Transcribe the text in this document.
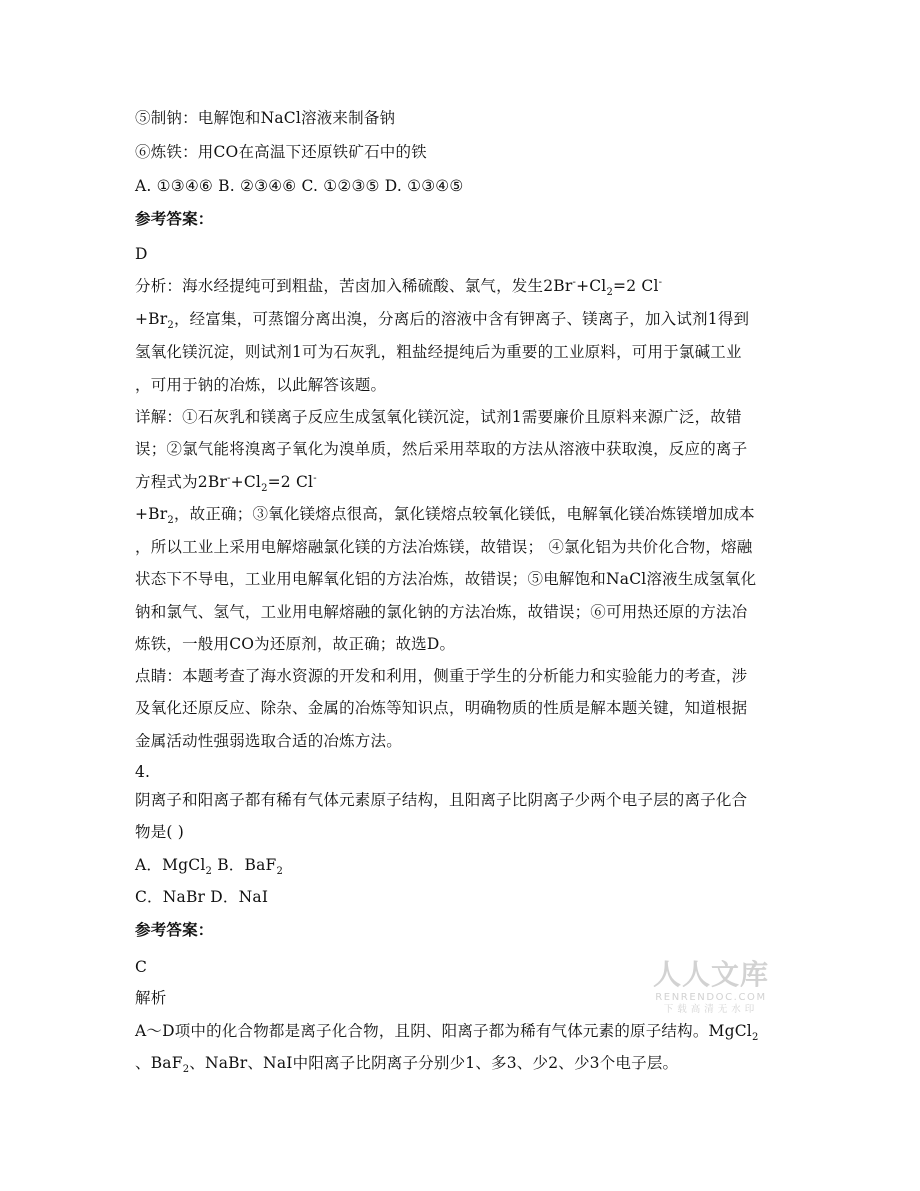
⑤制钠：电解饱和NaCl溶液来制备钠
⑥炼铁：用CO在高温下还原铁矿石中的铁
A. ①③④⑥ B. ②③④⑥ C. ①②③⑤ D. ①③④⑤
参考答案：
D
分析：海水经提纯可到粗盐，苦卤加入稀硫酸、氯气，发生$2Br^-+Cl_2=2$ Cl-
$+Br_2$，经富集，可蒸馏分离出溴，分离后的溶液中含有钾离子、镁离子，加入试剂1得到
氢氧化镁沉淀，则试剂1可为石灰乳，粗盐经提纯后为重要的工业原料，可用于氯碱工业
，可用于钠的冶炼，以此解答该题。
详解：①石灰乳和镁离子反应生成氢氧化镁沉淀，试剂1需要廉价且原料来源广泛，故错
误；②氯气能将溴离子氧化为溴单质，然后采用萃取的方法从溶液中获取溴，反应的离子
方程式为$2Br^-+Cl_2=2$ Cl-
$+Br_2$，故正确；③氧化镁熔点很高，氯化镁熔点较氧化镁低，电解氧化镁冶炼镁增加成本
，所以工业上采用电解熔融氯化镁的方法冶炼镁，故错误； ④氯化铝为共价化合物，熔融
状态下不导电，工业用电解氧化铝的方法冶炼，故错误；⑤电解饱和NaCl溶液生成氢氧化
钠和氯气、氢气，工业用电解熔融的氯化钠的方法冶炼，故错误；⑥可用热还原的方法冶
炼铁，一般用CO为还原剂，故正确；故选D。
点睛：本题考查了海水资源的开发和利用，侧重于学生的分析能力和实验能力的考查，涉
及氧化还原反应、除杂、金属的冶炼等知识点，明确物质的性质是解本题关键，知道根据
金属活动性强弱选取合适的冶炼方法。
4.
阴离子和阳离子都有稀有气体元素原子结构，且阳离子比阴离子少两个电子层的离子化合
物是( )
A．MgCl$_2$ B．BaF$_2$
C．NaBr D．NaI
参考答案：
C
解析
A～D项中的化合物都是离子化合物，且阴、阳离子都为稀有气体元素的原子结构。MgCl$_2$
、BaF$_2$、NaBr、NaI中阳离子比阴离子分别少1、多3、少2、少3个电子层。
人人文库
RENRENDOC.COM
下载高清无水印
